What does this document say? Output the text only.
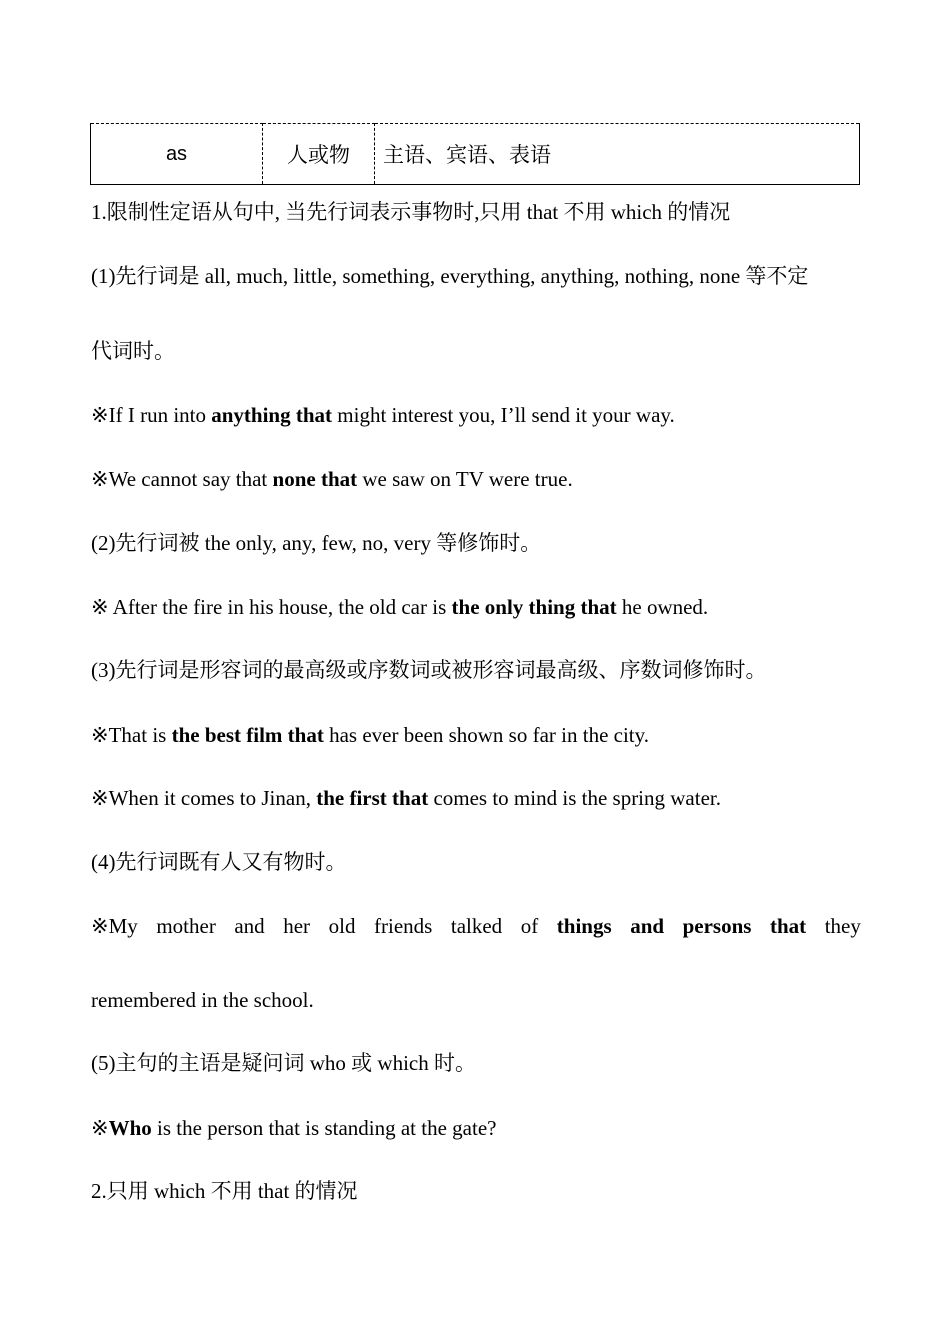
as	人或物	主语、宾语、表语
1.限制性定语从句中, 当先行词表示事物时,只用 that 不用 which 的情况
(1)先行词是 all, much, little, something, everything, anything, nothing, none 等不定
代词时。
※If I run into anything that might interest you, I’ll send it your way.
※We cannot say that none that we saw on TV were true.
(2)先行词被 the only, any, few, no, very 等修饰时。
※ After the fire in his house, the old car is the only thing that he owned.
(3)先行词是形容词的最高级或序数词或被形容词最高级、序数词修饰时。
※That is the best film that has ever been shown so far in the city.
※When it comes to Jinan, the first that comes to mind is the spring water.
(4)先行词既有人又有物时。
※My mother and her old friends talked of things and persons that they
remembered in the school.
(5)主句的主语是疑问词 who 或 which 时。
※Who is the person that is standing at the gate?
2.只用 which 不用 that 的情况
